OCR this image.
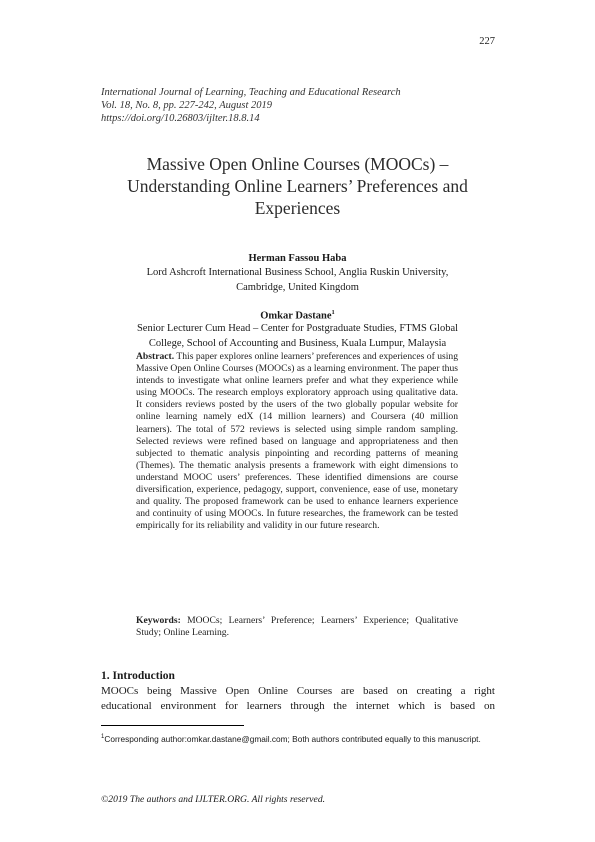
227
International Journal of Learning, Teaching and Educational Research
Vol. 18, No. 8, pp. 227-242, August 2019
https://doi.org/10.26803/ijlter.18.8.14
Massive Open Online Courses (MOOCs) –
Understanding Online Learners’ Preferences and
Experiences
Herman Fassou Haba
Lord Ashcroft International Business School, Anglia Ruskin University,
Cambridge, United Kingdom
Omkar Dastane$^1$
Senior Lecturer Cum Head – Center for Postgraduate Studies, FTMS Global
College, School of Accounting and Business, Kuala Lumpur, Malaysia
Abstract. This paper explores online learners’ preferences and experiences of using Massive Open Online Courses (MOOCs) as a learning environment. The paper thus intends to investigate what online learners prefer and what they experience while using MOOCs. The research employs exploratory approach using qualitative data. It considers reviews posted by the users of the two globally popular website for online learning namely edX (14 million learners) and Coursera (40 million learners). The total of 572 reviews is selected using simple random sampling. Selected reviews were refined based on language and appropriateness and then subjected to thematic analysis pinpointing and recording patterns of meaning (Themes). The thematic analysis presents a framework with eight dimensions to understand MOOC users’ preferences. These identified dimensions are course diversification, experience, pedagogy, support, convenience, ease of use, monetary and quality. The proposed framework can be used to enhance learners experience and continuity of using MOOCs. In future researches, the framework can be tested empirically for its reliability and validity in our future research.
Keywords: MOOCs; Learners’ Preference; Learners’ Experience; Qualitative Study; Online Learning.
1. Introduction
MOOCs being Massive Open Online Courses are based on creating a right
educational environment for learners through the internet which is based on
$^1$Corresponding author:omkar.dastane@gmail.com; Both authors contributed equally to this manuscript.
©2019 The authors and IJLTER.ORG. All rights reserved.
